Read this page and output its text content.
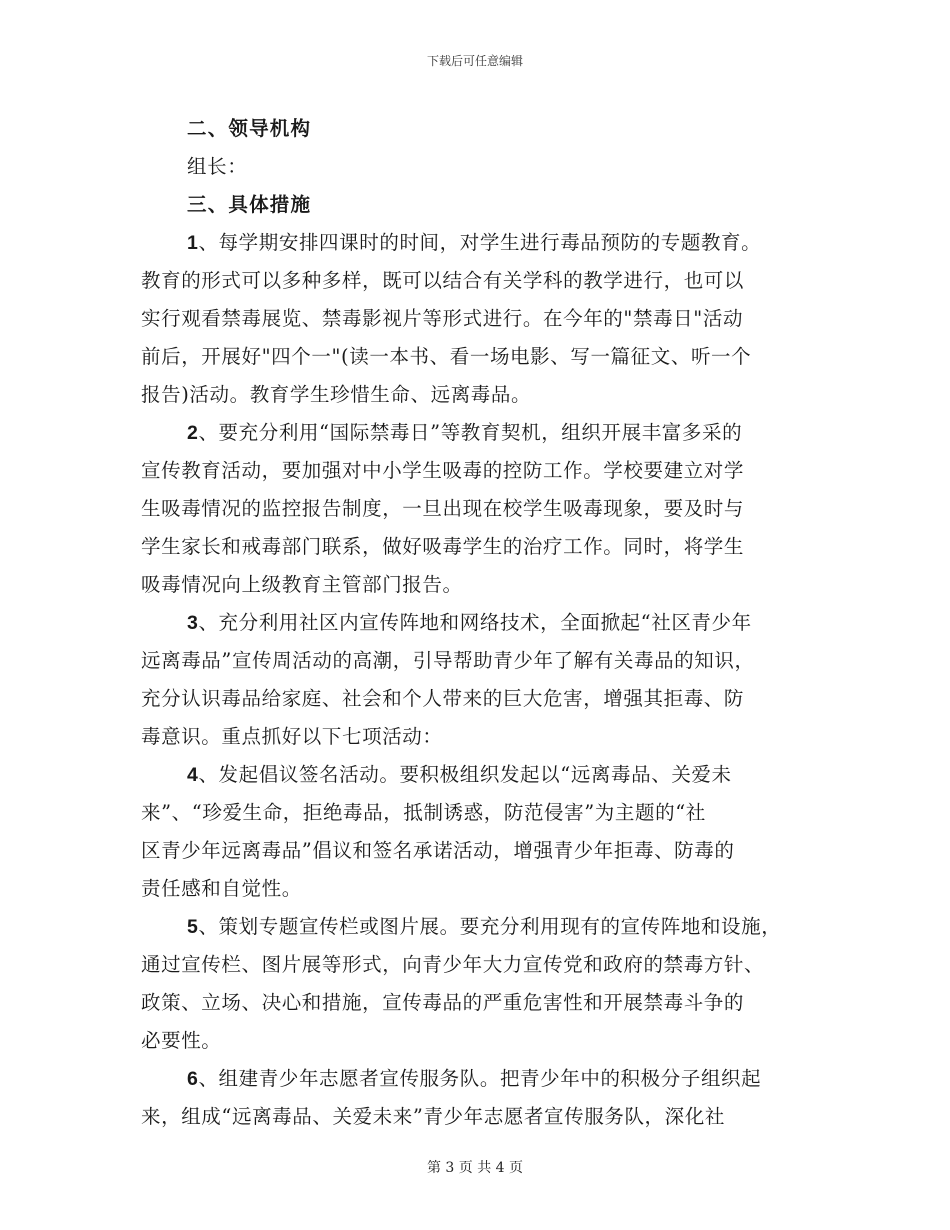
下载后可任意编辑
二、领导机构
组长：
三、具体措施
1、每学期安排四课时的时间，对学生进行毒品预防的专题教育。
教育的形式可以多种多样，既可以结合有关学科的教学进行，也可以
实行观看禁毒展览、禁毒影视片等形式进行。在今年的"禁毒日"活动
前后，开展好"四个一"(读一本书、看一场电影、写一篇征文、听一个
报告)活动。教育学生珍惜生命、远离毒品。
2、要充分利用“国际禁毒日”等教育契机，组织开展丰富多采的
宣传教育活动，要加强对中小学生吸毒的控防工作。学校要建立对学
生吸毒情况的监控报告制度，一旦出现在校学生吸毒现象，要及时与
学生家长和戒毒部门联系，做好吸毒学生的治疗工作。同时，将学生
吸毒情况向上级教育主管部门报告。
3、充分利用社区内宣传阵地和网络技术，全面掀起“社区青少年
远离毒品”宣传周活动的高潮，引导帮助青少年了解有关毒品的知识，
充分认识毒品给家庭、社会和个人带来的巨大危害，增强其拒毒、防
毒意识。重点抓好以下七项活动：
4、发起倡议签名活动。要积极组织发起以“远离毒品、关爱未
来”、“珍爱生命，拒绝毒品，抵制诱惑，防范侵害”为主题的“社
区青少年远离毒品”倡议和签名承诺活动，增强青少年拒毒、防毒的
责任感和自觉性。
5、策划专题宣传栏或图片展。要充分利用现有的宣传阵地和设施，
通过宣传栏、图片展等形式，向青少年大力宣传党和政府的禁毒方针、
政策、立场、决心和措施，宣传毒品的严重危害性和开展禁毒斗争的
必要性。
6、组建青少年志愿者宣传服务队。把青少年中的积极分子组织起
来，组成“远离毒品、关爱未来”青少年志愿者宣传服务队，深化社
第 3 页 共 4 页
